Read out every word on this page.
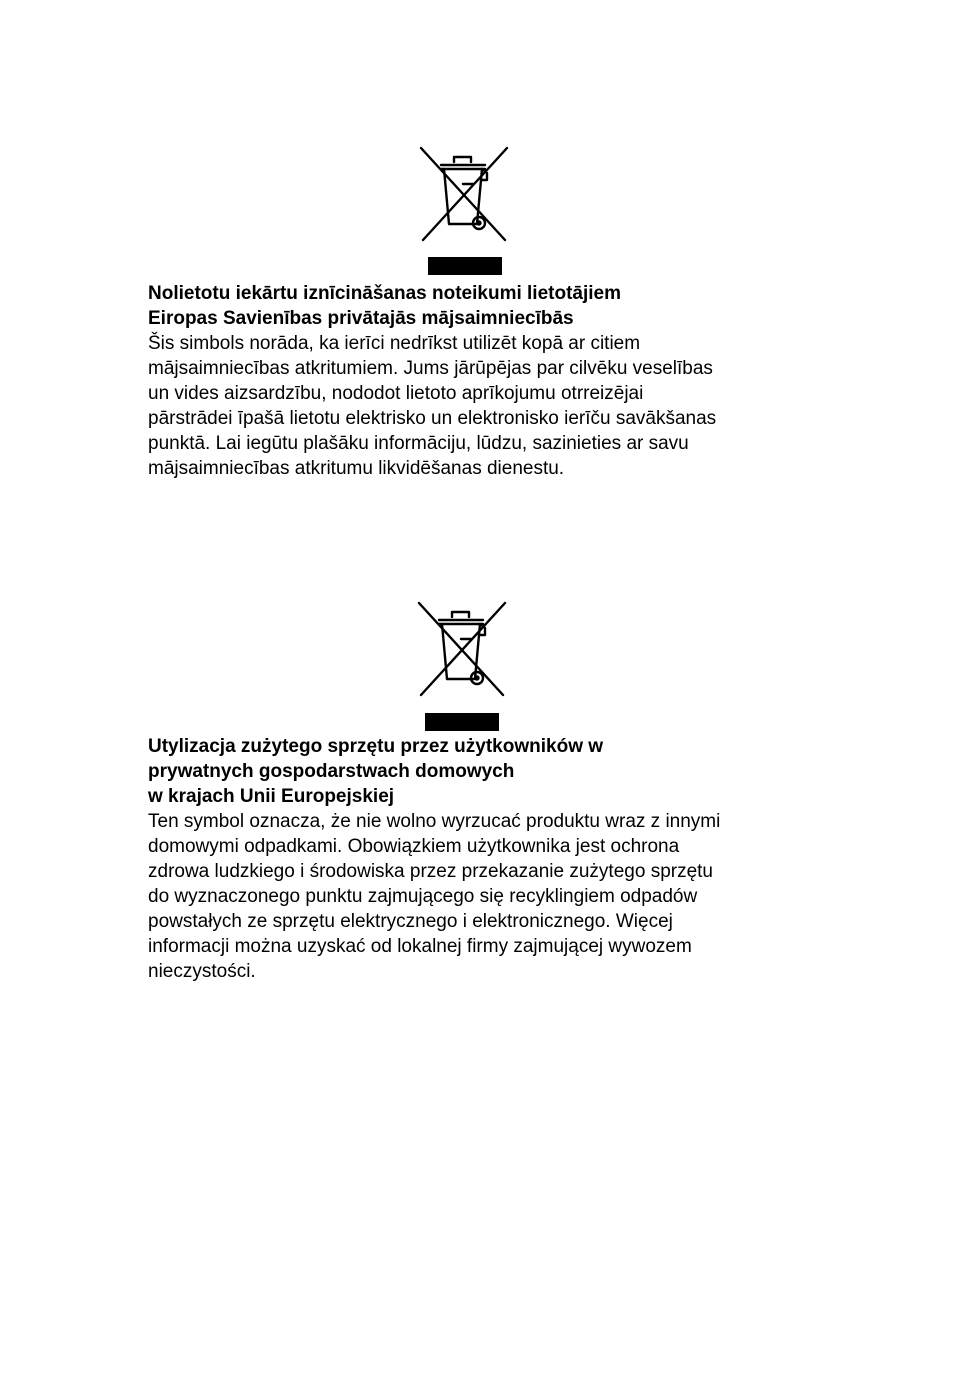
Nolietotu iekārtu iznīcināšanas noteikumi lietotājiem
Eiropas Savienības privātajās mājsaimniecībās
Šis simbols norāda, ka ierīci nedrīkst utilizēt kopā ar citiem
mājsaimniecības atkritumiem. Jums jārūpējas par cilvēku veselības
un vides aizsardzību, nododot lietoto aprīkojumu otrreizējai
pārstrādei īpašā lietotu elektrisko un elektronisko ierīču savākšanas
punktā. Lai iegūtu plašāku informāciju, lūdzu, sazinieties ar savu
mājsaimniecības atkritumu likvidēšanas dienestu.
Utylizacja zużytego sprzętu przez użytkowników w
prywatnych gospodarstwach domowych
w krajach Unii Europejskiej
Ten symbol oznacza, że nie wolno wyrzucać produktu wraz z innymi
domowymi odpadkami. Obowiązkiem użytkownika jest ochrona
zdrowa ludzkiego i środowiska przez przekazanie zużytego sprzętu
do wyznaczonego punktu zajmującego się recyklingiem odpadów
powstałych ze sprzętu elektrycznego i elektronicznego. Więcej
informacji można uzyskać od lokalnej firmy zajmującej wywozem
nieczystości.
